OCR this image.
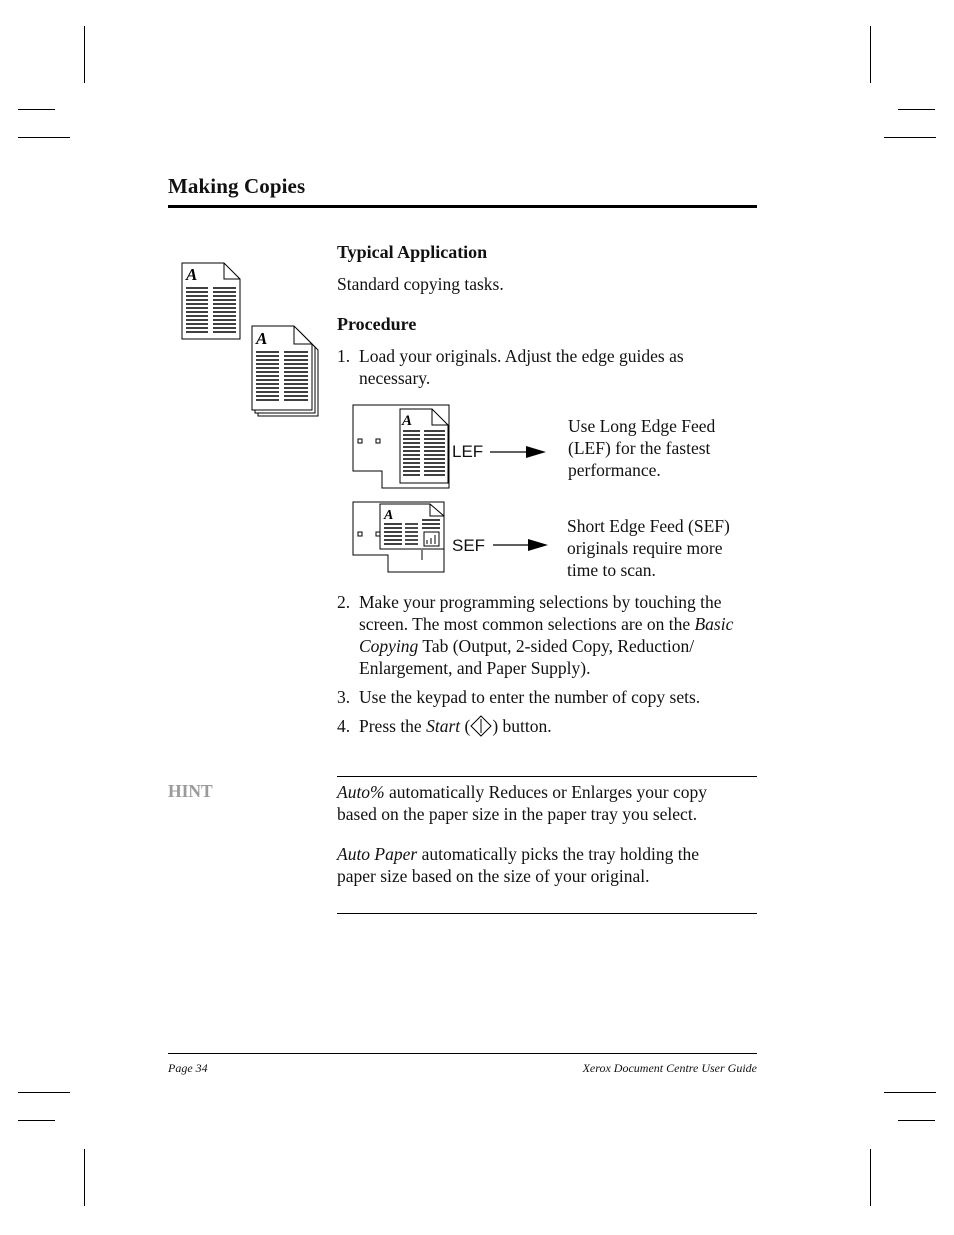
Making Copies
A
A
Typical Application
Standard copying tasks.
Procedure
1. Load your originals. Adjust the edge guides as
necessary.
A
LEF
Use Long Edge Feed
(LEF) for the fastest
performance.
A
SEF
Short Edge Feed (SEF)
originals require more
time to scan.
2. Make your programming selections by touching the
screen. The most common selections are on the Basic
Copying Tab (Output, 2-sided Copy, Reduction/
Enlargement, and Paper Supply).
3. Use the keypad to enter the number of copy sets.
4. Press the Start ( ) button.
HINT	Auto% automatically Reduces or Enlarges your copy
based on the paper size in the paper tray you select.
Auto Paper automatically picks the tray holding the
paper size based on the size of your original.
Page 34	Xerox Document Centre User Guide
